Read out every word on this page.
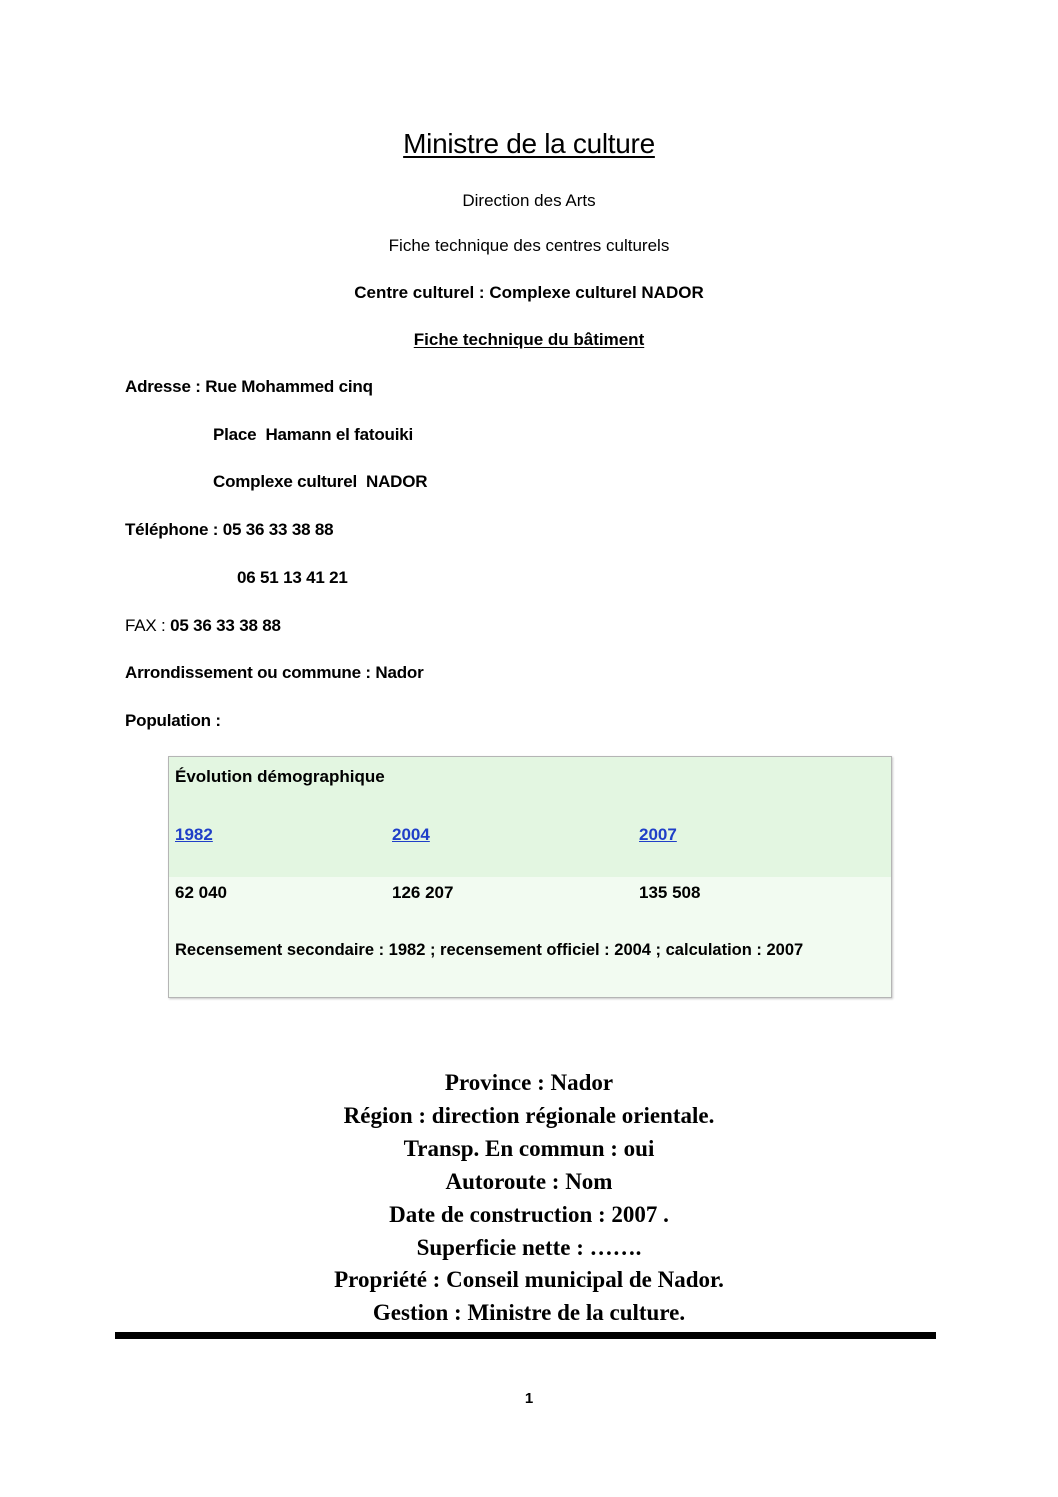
Ministre de la culture
Direction des Arts
Fiche technique des centres culturels
Centre culturel : Complexe culturel NADOR
Fiche technique du bâtiment
Adresse : Rue Mohammed cinq
Place  Hamann el fatouiki
Complexe culturel  NADOR
Téléphone : 05 36 33 38 88
06 51 13 41 21
FAX : 05 36 33 38 88
Arrondissement ou commune : Nador
Population :
Évolution démographique
1982	2004	2007
62 040	126 207	135 508
Recensement secondaire : 1982 ; recensement officiel : 2004 ; calculation : 2007
Province : Nador
Région : direction régionale orientale.
Transp. En commun : oui
Autoroute : Nom
Date de construction : 2007 .
Superficie nette : …….
Propriété : Conseil municipal de Nador.
Gestion : Ministre de la culture.
1
